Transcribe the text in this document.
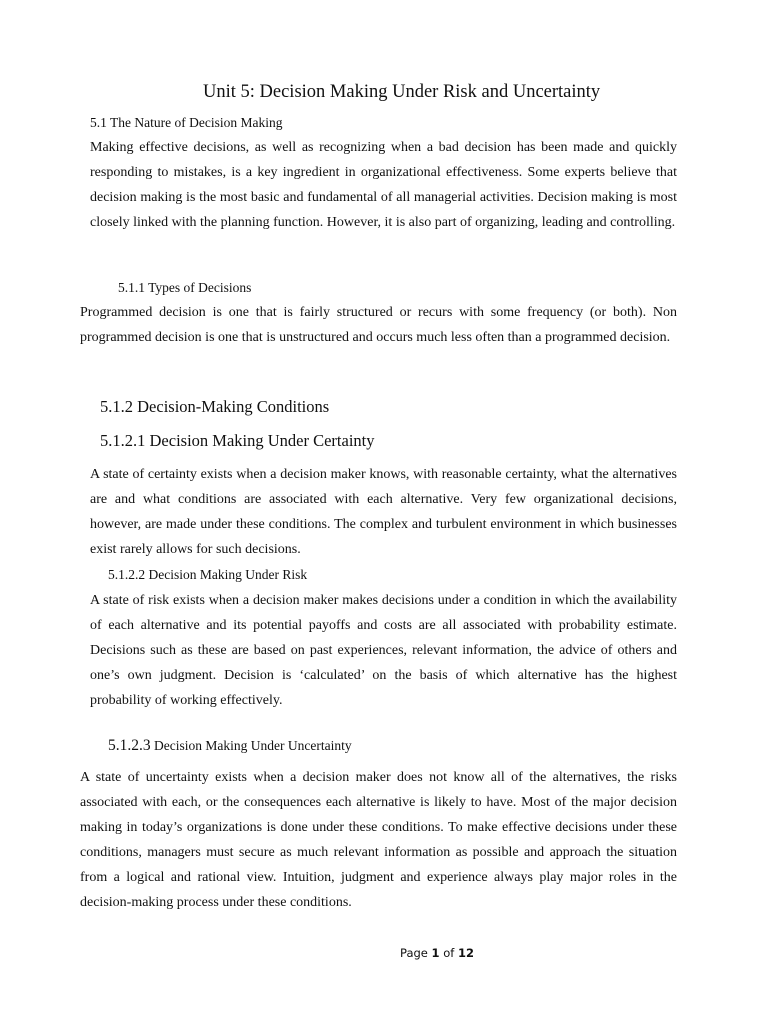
Unit 5: Decision Making Under Risk and Uncertainty
5.1 The Nature of Decision Making

Making effective decisions, as well as recognizing when a bad decision has been made and quickly responding to mistakes, is a key ingredient in organizational effectiveness. Some experts believe that decision making is the most basic and fundamental of all managerial activities. Decision making is most closely linked with the planning function. However, it is also part of organizing, leading and controlling.

5.1.1 Types of Decisions

Programmed decision is one that is fairly structured or recurs with some frequency (or both). Non programmed decision is one that is unstructured and occurs much less often than a programmed decision.

5.1.2 Decision-Making Conditions
5.1.2.1 Decision Making Under Certainty

A state of certainty exists when a decision maker knows, with reasonable certainty, what the alternatives are and what conditions are associated with each alternative. Very few organizational decisions, however, are made under these conditions. The complex and turbulent environment in which businesses exist rarely allows for such decisions.

5.1.2.2 Decision Making Under Risk

A state of risk exists when a decision maker makes decisions under a condition in which the availability of each alternative and its potential payoffs and costs are all associated with probability estimate. Decisions such as these are based on past experiences, relevant information, the advice of others and one’s own judgment. Decision is ‘calculated’ on the basis of which alternative has the highest probability of working effectively.

5.1.2.3 Decision Making Under Uncertainty

A state of uncertainty exists when a decision maker does not know all of the alternatives, the risks associated with each, or the consequences each alternative is likely to have. Most of the major decision making in today’s organizations is done under these conditions. To make effective decisions under these conditions, managers must secure as much relevant information as possible and approach the situation from a logical and rational view. Intuition, judgment and experience always play major roles in the decision-making process under these conditions.

Page 1 of 12
